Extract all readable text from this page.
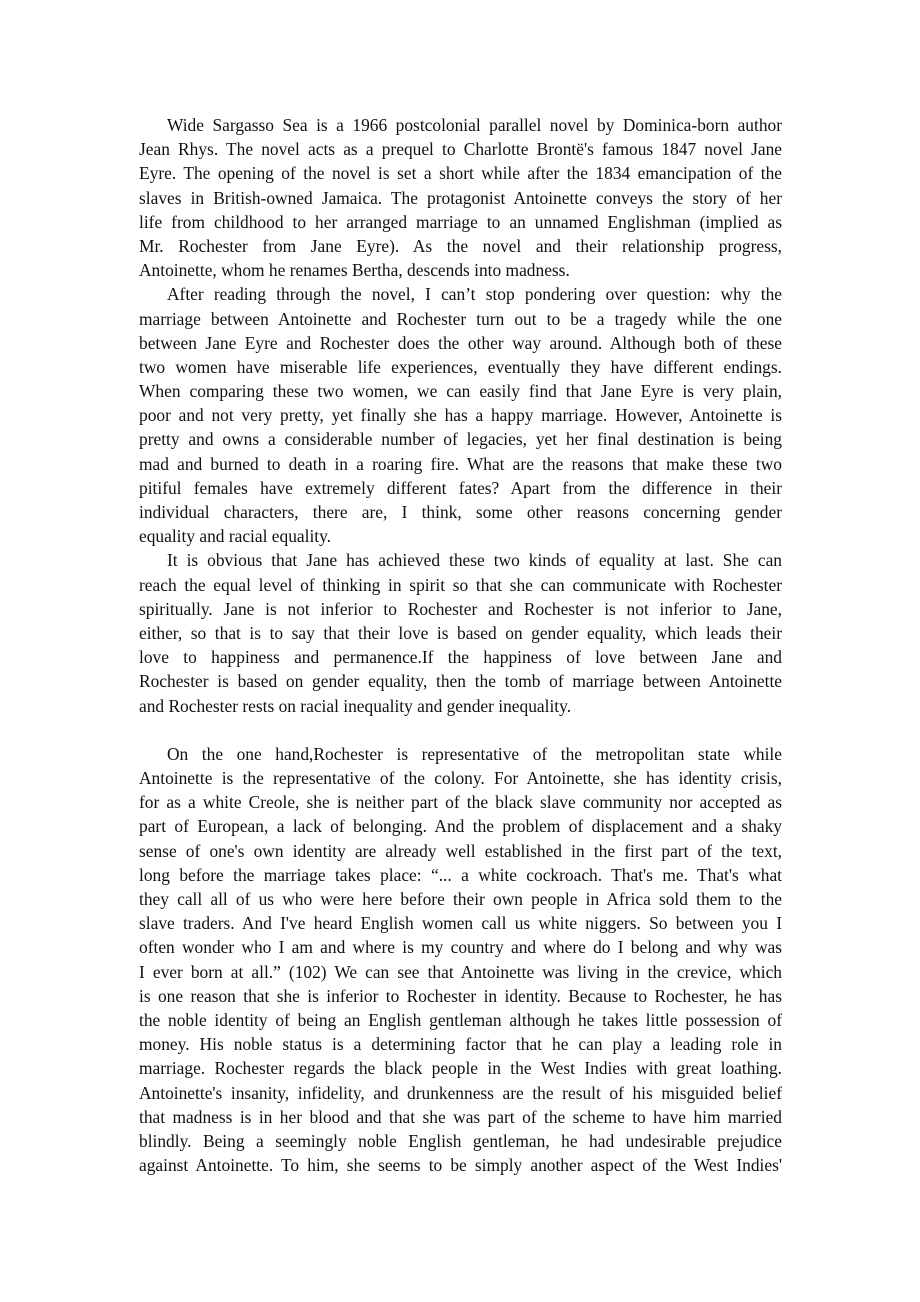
Wide Sargasso Sea is a 1966 postcolonial parallel novel by Dominica-born author
Jean Rhys. The novel acts as a prequel to Charlotte Brontë's famous 1847 novel Jane
Eyre. The opening of the novel is set a short while after the 1834 emancipation of the
slaves in British-owned Jamaica. The protagonist Antoinette conveys the story of her
life from childhood to her arranged marriage to an unnamed Englishman (implied as
Mr. Rochester from Jane Eyre). As the novel and their relationship progress,
Antoinette, whom he renames Bertha, descends into madness.
After reading through the novel, I can’t stop pondering over question: why the
marriage between Antoinette and Rochester turn out to be a tragedy while the one
between Jane Eyre and Rochester does the other way around. Although both of these
two women have miserable life experiences, eventually they have different endings.
When comparing these two women, we can easily find that Jane Eyre is very plain,
poor and not very pretty, yet finally she has a happy marriage. However, Antoinette is
pretty and owns a considerable number of legacies, yet her final destination is being
mad and burned to death in a roaring fire. What are the reasons that make these two
pitiful females have extremely different fates? Apart from the difference in their
individual characters, there are, I think, some other reasons concerning gender
equality and racial equality.
It is obvious that Jane has achieved these two kinds of equality at last. She can
reach the equal level of thinking in spirit so that she can communicate with Rochester
spiritually. Jane is not inferior to Rochester and Rochester is not inferior to Jane,
either, so that is to say that their love is based on gender equality, which leads their
love to happiness and permanence.If the happiness of love between Jane and
Rochester is based on gender equality, then the tomb of marriage between Antoinette
and Rochester rests on racial inequality and gender inequality.
On the one hand,Rochester is representative of the metropolitan state while
Antoinette is the representative of the colony. For Antoinette, she has identity crisis,
for as a white Creole, she is neither part of the black slave community nor accepted as
part of European, a lack of belonging. And the problem of displacement and a shaky
sense of one's own identity are already well established in the first part of the text,
long before the marriage takes place: “... a white cockroach. That's me. That's what
they call all of us who were here before their own people in Africa sold them to the
slave traders. And I've heard English women call us white niggers. So between you I
often wonder who I am and where is my country and where do I belong and why was
I ever born at all.” (102) We can see that Antoinette was living in the crevice, which
is one reason that she is inferior to Rochester in identity. Because to Rochester, he has
the noble identity of being an English gentleman although he takes little possession of
money. His noble status is a determining factor that he can play a leading role in
marriage. Rochester regards the black people in the West Indies with great loathing.
Antoinette's insanity, infidelity, and drunkenness are the result of his misguided belief
that madness is in her blood and that she was part of the scheme to have him married
blindly. Being a seemingly noble English gentleman, he had undesirable prejudice
against Antoinette. To him, she seems to be simply another aspect of the West Indies'
